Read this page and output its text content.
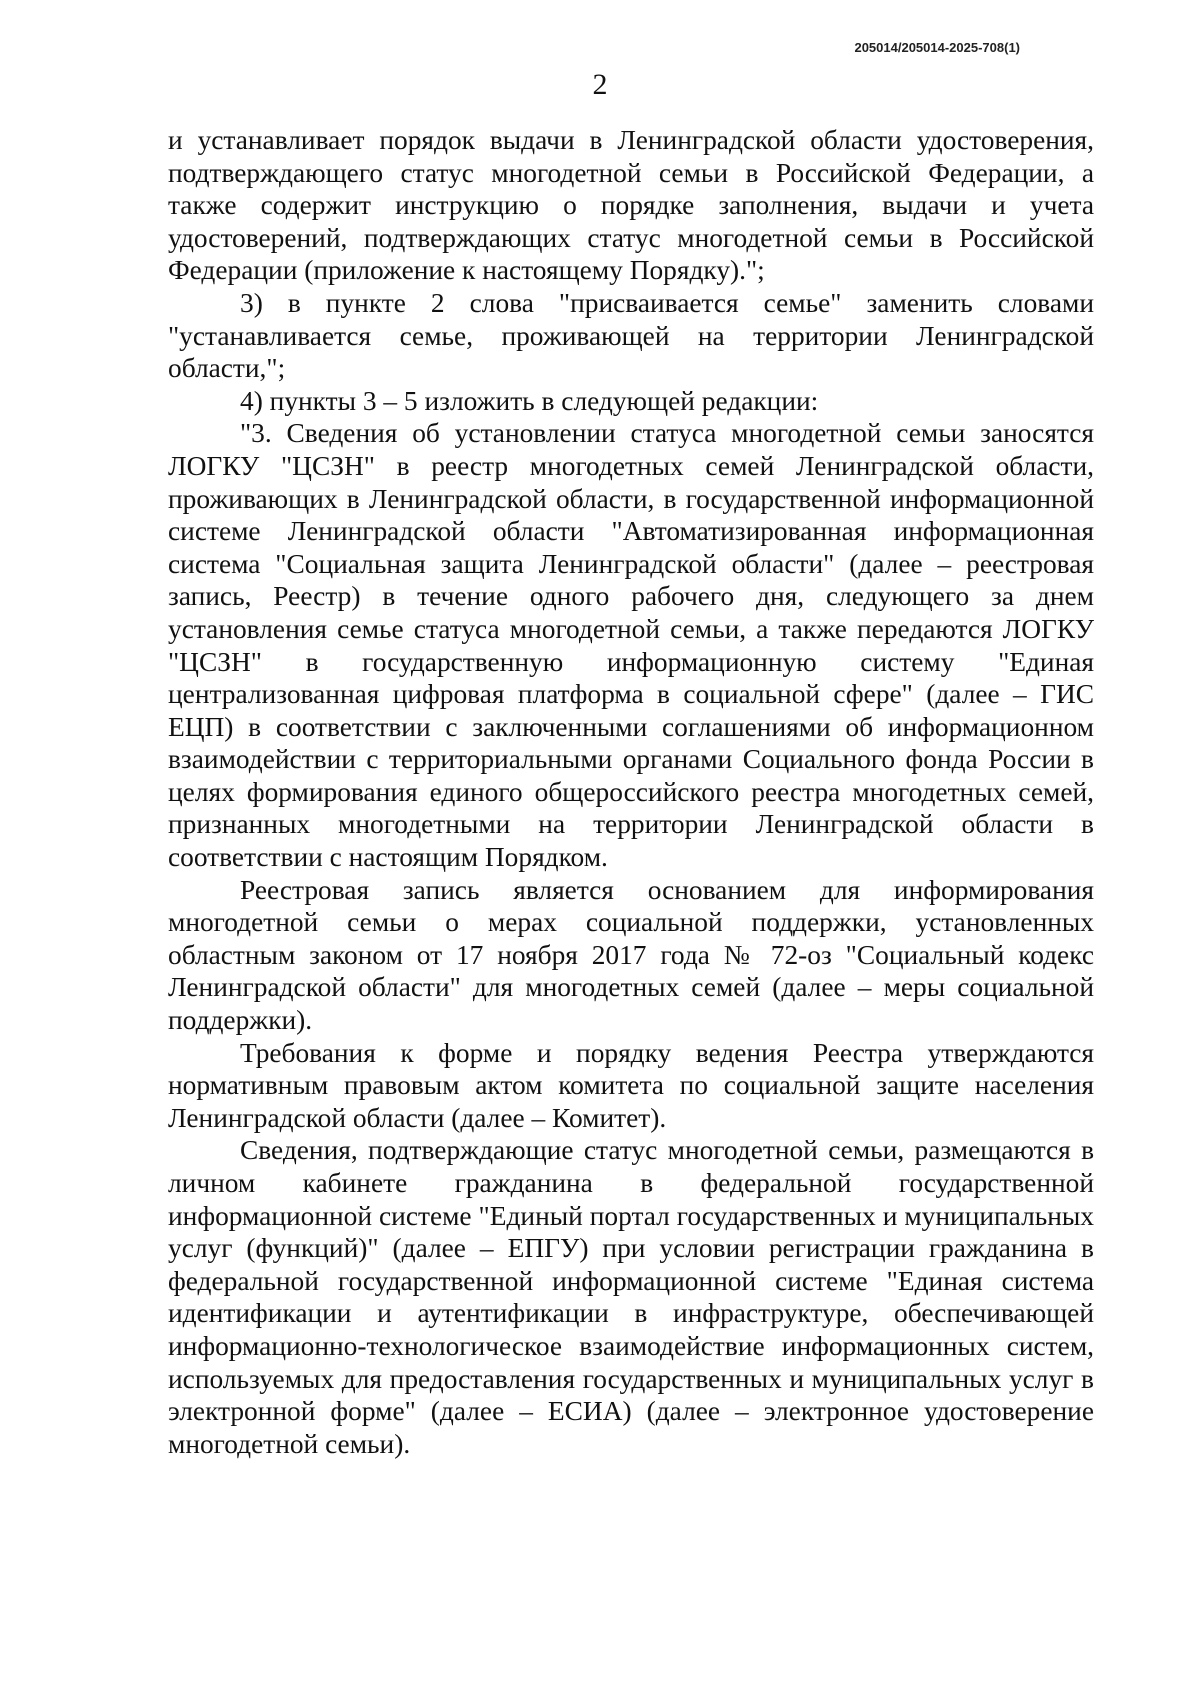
205014/205014-2025-708(1)
2

и устанавливает порядок выдачи в Ленинградской области удостоверения, подтверждающего статус многодетной семьи в Российской Федерации, а также содержит инструкцию о порядке заполнения, выдачи и учета удостоверений, подтверждающих статус многодетной семьи в Российской Федерации (приложение к настоящему Порядку).";

3) в пункте 2 слова "присваивается семье" заменить словами "устанавливается семье, проживающей на территории Ленинградской области,";

4) пункты 3 – 5 изложить в следующей редакции:

"3. Сведения об установлении статуса многодетной семьи заносятся ЛОГКУ "ЦСЗН" в реестр многодетных семей Ленинградской области, проживающих в Ленинградской области, в государственной информационной системе Ленинградской области "Автоматизированная информационная система "Социальная защита Ленинградской области" (далее – реестровая запись, Реестр) в течение одного рабочего дня, следующего за днем установления семье статуса многодетной семьи, а также передаются ЛОГКУ "ЦСЗН" в государственную информационную систему "Единая централизованная цифровая платформа в социальной сфере" (далее – ГИС ЕЦП) в соответствии с заключенными соглашениями об информационном взаимодействии с территориальными органами Социального фонда России в целях формирования единого общероссийского реестра многодетных семей, признанных многодетными на территории Ленинградской области в соответствии с настоящим Порядком.

Реестровая запись является основанием для информирования многодетной семьи о мерах социальной поддержки, установленных областным законом от 17 ноября 2017 года № 72-оз "Социальный кодекс Ленинградской области" для многодетных семей (далее – меры социальной поддержки).

Требования к форме и порядку ведения Реестра утверждаются нормативным правовым актом комитета по социальной защите населения Ленинградской области (далее – Комитет).

Сведения, подтверждающие статус многодетной семьи, размещаются в личном кабинете гражданина в федеральной государственной информационной системе "Единый портал государственных и муниципальных услуг (функций)" (далее – ЕПГУ) при условии регистрации гражданина в федеральной государственной информационной системе "Единая система идентификации и аутентификации в инфраструктуре, обеспечивающей информационно-технологическое взаимодействие информационных систем, используемых для предоставления государственных и муниципальных услуг в электронной форме" (далее – ЕСИА) (далее – электронное удостоверение многодетной семьи).
